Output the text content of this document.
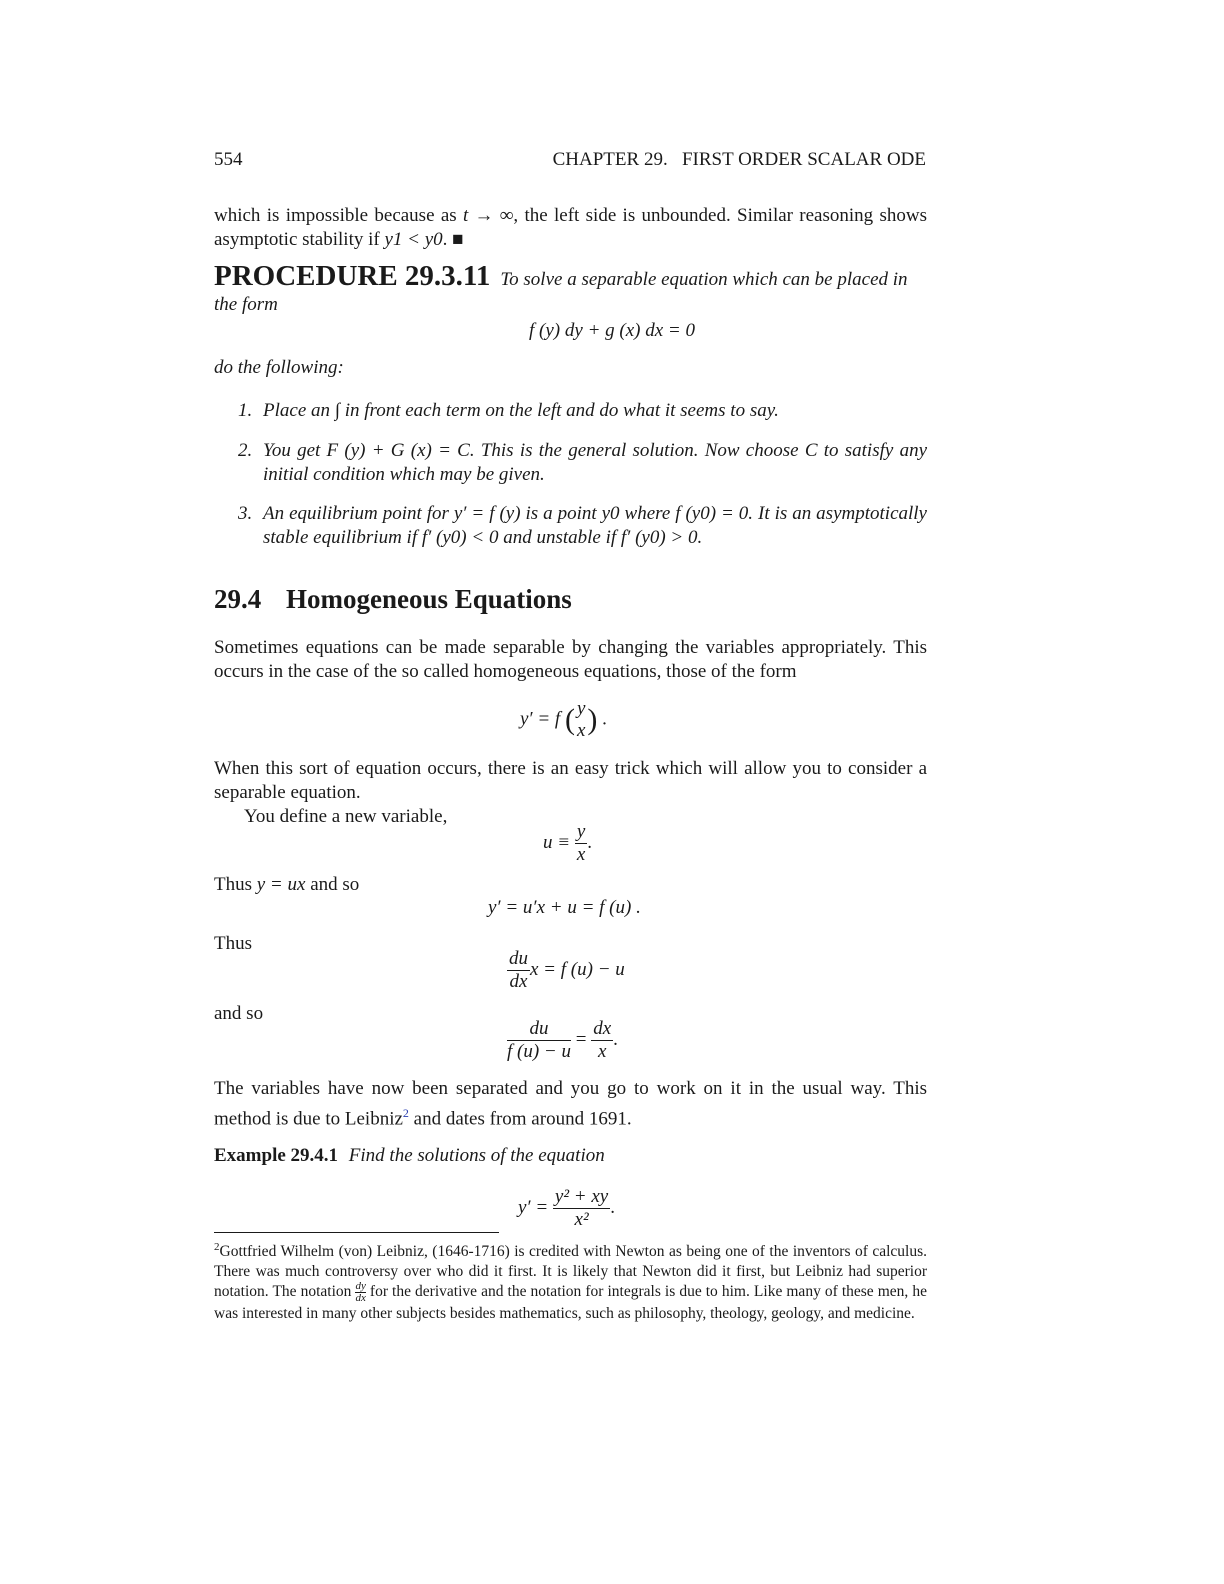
554	CHAPTER 29.   FIRST ORDER SCALAR ODE
which is impossible because as t → ∞, the left side is unbounded. Similar reasoning shows asymptotic stability if y1 < y0. ■
PROCEDURE 29.3.11 To solve a separable equation which can be placed in the form
f (y) dy + g (x) dx = 0
do the following:
1. Place an ∫ in front each term on the left and do what it seems to say.
2. You get F (y) + G (x) = C. This is the general solution. Now choose C to satisfy any initial condition which may be given.
3. An equilibrium point for y′ = f (y) is a point y0 where f (y0) = 0. It is an asymptotically stable equilibrium if f′ (y0) < 0 and unstable if f′ (y0) > 0.
29.4 Homogeneous Equations
Sometimes equations can be made separable by changing the variables appropriately. This occurs in the case of the so called homogeneous equations, those of the form
y′ = f ( y
x ) .
When this sort of equation occurs, there is an easy trick which will allow you to consider a separable equation.
You define a new variable,
$u \equiv \frac{y}{x}$ .
Thus y = ux and so
y′ = u′x + u = f (u) .
Thus
$\frac{du}{dx}$ x = f (u) − u
and so
$\frac{du}{f (u) - u} = \frac{dx}{x}$ .
The variables have now been separated and you go to work on it in the usual way. This method is due to Leibniz$^2$ and dates from around 1691.
Example 29.4.1 Find the solutions of the equation
$y' = \frac{\text{y² + xy}}{\text{x²}}$ .
$^2$Gottfried Wilhelm (von) Leibniz, (1646-1716) is credited with Newton as being one of the inventors of calculus. There was much controversy over who did it first. It is likely that Newton did it first, but Leibniz had superior notation. The notation $\frac{dy}{dx}$ for the derivative and the notation for integrals is due to him. Like many of these men, he was interested in many other subjects besides mathematics, such as philosophy, theology, geology, and medicine.
